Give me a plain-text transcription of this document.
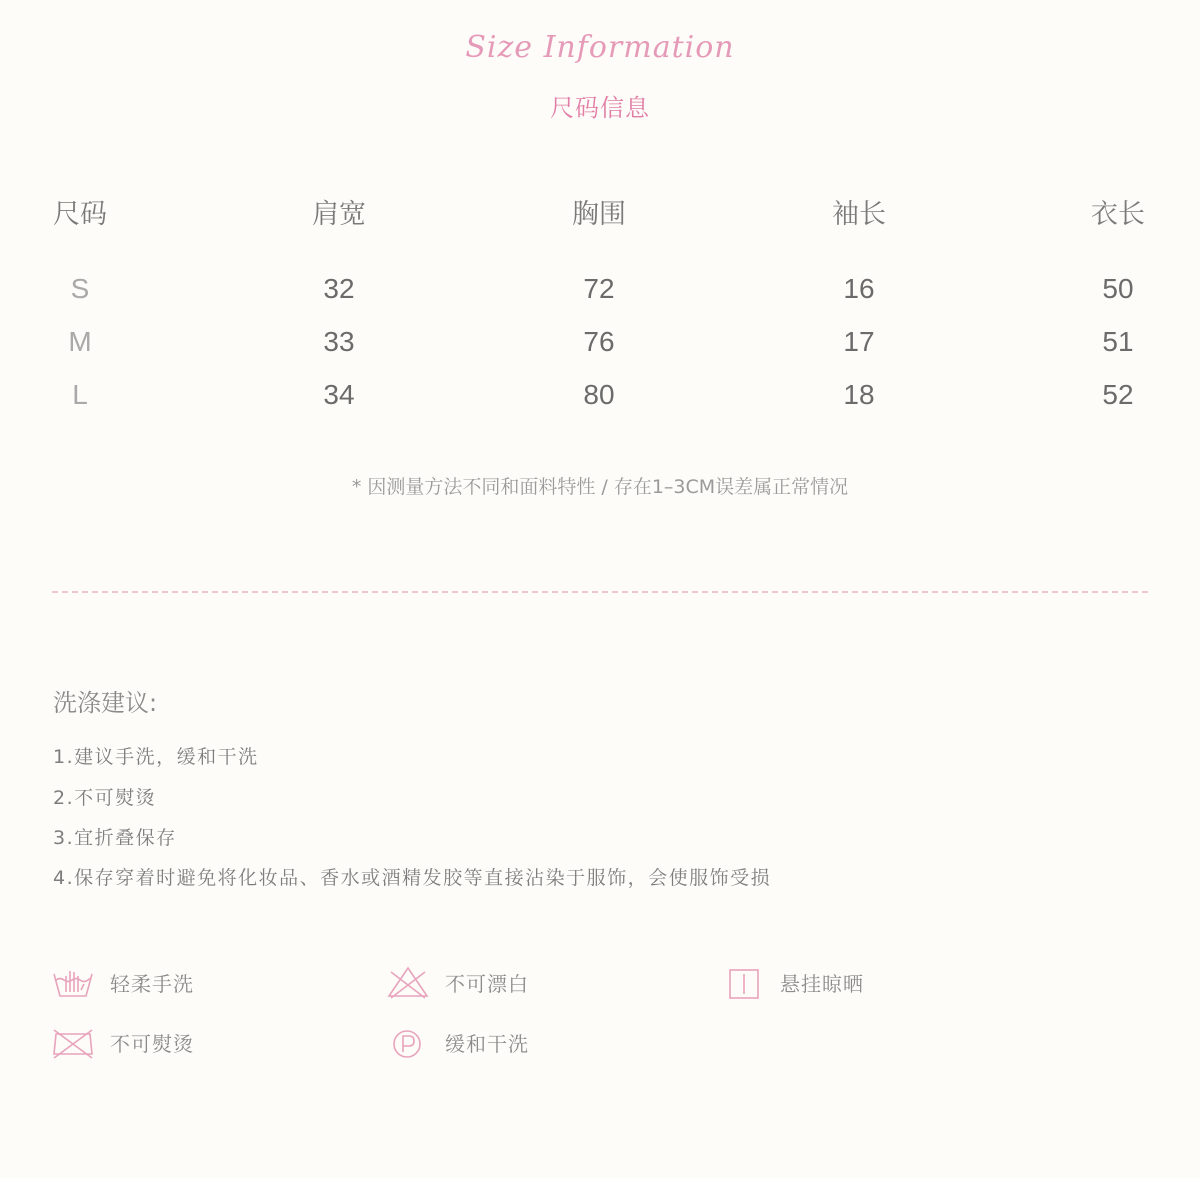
Size Information
尺码信息
尺码	肩宽	胸围	袖长	衣长
S	32	72	16	50
M	33	76	17	51
L	34	80	18	52
* 因测量方法不同和面料特性 / 存在1–3CM误差属正常情况
洗涤建议:
1.建议手洗，缓和干洗
2.不可熨烫
3.宜折叠保存
4.保存穿着时避免将化妆品、香水或酒精发胶等直接沾染于服饰，会使服饰受损
轻柔手洗	不可漂白	悬挂晾晒
不可熨烫	缓和干洗
